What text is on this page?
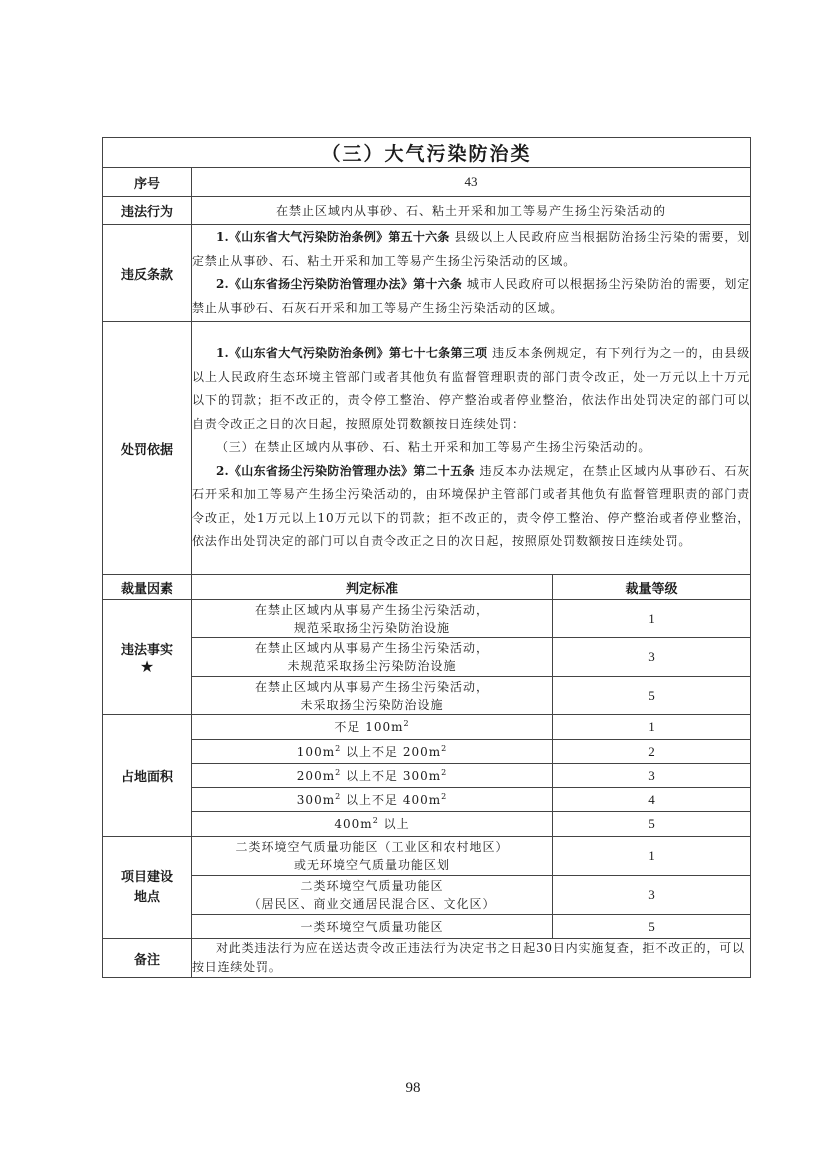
（三）大气污染防治类		
序号	43	
违法行为	在禁止区域内从事砂、石、粘土开采和加工等易产生扬尘污染活动的	
违反条款	1.《山东省大气污染防治条例》第五十六条 县级以上人民政府应当根据防治扬尘污染的需要，划定禁止从事砂、石、粘土开采和加工等易产生扬尘污染活动的区域。

2.《山东省扬尘污染防治管理办法》第十六条 城市人民政府可以根据扬尘污染防治的需要，划定禁止从事砂石、石灰石开采和加工等易产生扬尘污染活动的区域。	

处罚依据	1.《山东省大气污染防治条例》第七十七条第三项 违反本条例规定，有下列行为之一的，由县级以上人民政府生态环境主管部门或者其他负有监督管理职责的部门责令改正，处一万元以上十万元以下的罚款；拒不改正的，责令停工整治、停产整治或者停业整治，依法作出处罚决定的部门可以自责令改正之日的次日起，按照原处罚数额按日连续处罚：

（三）在禁止区域内从事砂、石、粘土开采和加工等易产生扬尘污染活动的。

2.《山东省扬尘污染防治管理办法》第二十五条 违反本办法规定，在禁止区域内从事砂石、石灰石开采和加工等易产生扬尘污染活动的，由环境保护主管部门或者其他负有监督管理职责的部门责令改正，处1万元以上10万元以下的罚款；拒不改正的，责令停工整治、停产整治或者停业整治，依法作出处罚决定的部门可以自责令改正之日的次日起，按照原处罚数额按日连续处罚。	

裁量因素	判定标准	裁量等级
违法事实
★	在禁止区域内从事易产生扬尘污染活动，
规范采取扬尘污染防治设施	1
	在禁止区域内从事易产生扬尘污染活动，
未规范采取扬尘污染防治设施	3
	在禁止区域内从事易产生扬尘污染活动，
未采取扬尘污染防治设施	5
占地面积	不足 $100m^2$	1
	$100m^2$ 以上不足 $200m^2$	2
	$200m^2$ 以上不足 $300m^2$	3
	$300m^2$ 以上不足 $400m^2$	4
	$400m^2$ 以上	5
项目建设
地点	二类环境空气质量功能区（工业区和农村地区）
或无环境空气质量功能区划	1
	二类环境空气质量功能区
（居民区、商业交通居民混合区、文化区）	3
	一类环境空气质量功能区	5
备注	对此类违法行为应在送达责令改正违法行为决定书之日起30日内实施复查，拒不改正的，可以按日连续处罚。	

98
